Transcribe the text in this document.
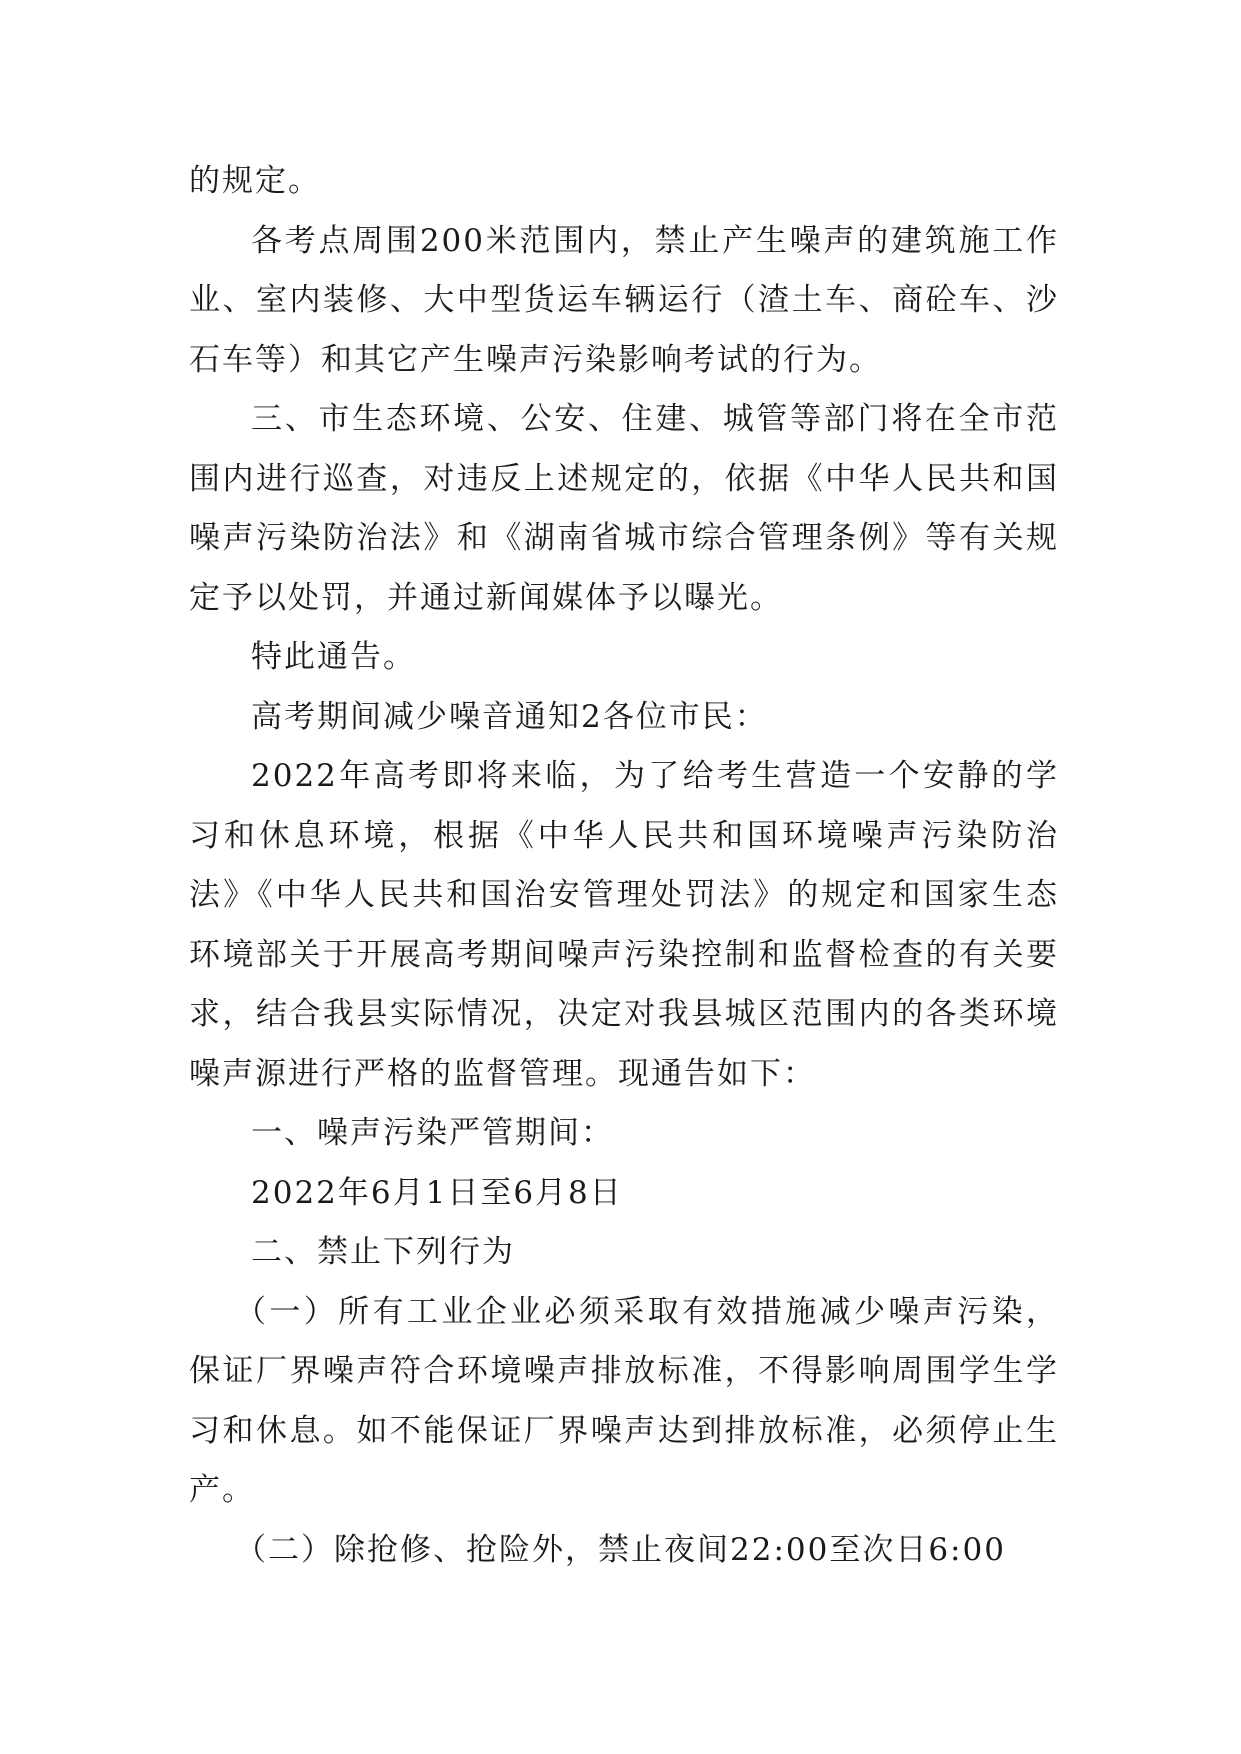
的规定。

各考点周围200米范围内，禁止产生噪声的建筑施工作业、室内装修、大中型货运车辆运行（渣土车、商砼车、沙石车等）和其它产生噪声污染影响考试的行为。

三、市生态环境、公安、住建、城管等部门将在全市范围内进行巡查，对违反上述规定的，依据《中华人民共和国噪声污染防治法》和《湖南省城市综合管理条例》等有关规定予以处罚，并通过新闻媒体予以曝光。

特此通告。

高考期间减少噪音通知2各位市民：

2022年高考即将来临，为了给考生营造一个安静的学习和休息环境，根据《中华人民共和国环境噪声污染防治法》《中华人民共和国治安管理处罚法》的规定和国家生态环境部关于开展高考期间噪声污染控制和监督检查的有关要求，结合我县实际情况，决定对我县城区范围内的各类环境噪声源进行严格的监督管理。现通告如下：

一、噪声污染严管期间：

2022年6月1日至6月8日

二、禁止下列行为

（一）所有工业企业必须采取有效措施减少噪声污染，保证厂界噪声符合环境噪声排放标准，不得影响周围学生学习和休息。如不能保证厂界噪声达到排放标准，必须停止生产。

（二）除抢修、抢险外，禁止夜间22:00至次日6:00
